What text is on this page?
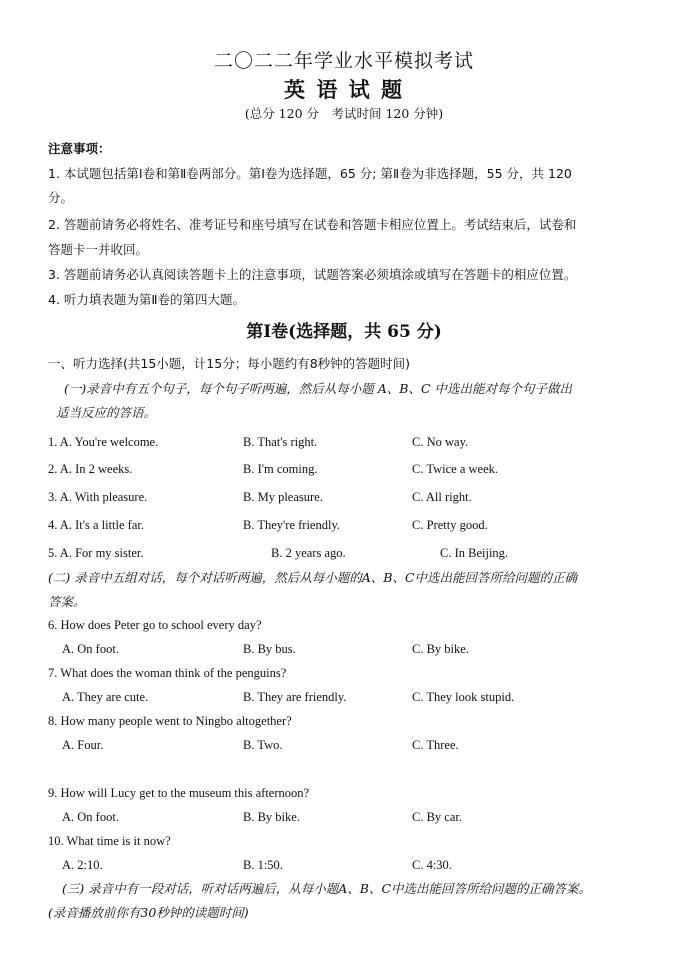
二〇二二年学业水平模拟考试
英 语 试 题
(总分 120 分　考试时间 120 分钟)
注意事项：
1. 本试题包括第Ⅰ卷和第Ⅱ卷两部分。第Ⅰ卷为选择题，65 分; 第Ⅱ卷为非选择题，55 分，共 120
分。
2. 答题前请务必将姓名、准考证号和座号填写在试卷和答题卡相应位置上。考试结束后，试卷和
答题卡一并收回。
3. 答题前请务必认真阅读答题卡上的注意事项，试题答案必须填涂或填写在答题卡的相应位置。
4. 听力填表题为第Ⅱ卷的第四大题。
第Ⅰ卷(选择题，共 65 分)
一、听力选择(共15小题，计15分；每小题约有8秒钟的答题时间)
(一)录音中有五个句子，每个句子听两遍，然后从每小题 A、B、C 中选出能对每个句子做出
适当反应的答语。
1. A. You're welcome.	B. That's right.	C. No way.
2. A. In 2 weeks.	B. I'm coming.	C. Twice a week.
3. A. With pleasure.	B. My pleasure.	C. All right.
4. A. It's a little far.	B. They're friendly.	C. Pretty good.
5. A. For my sister.	B. 2 years ago.	C. In Beijing.
(二) 录音中五组对话，每个对话听两遍，然后从每小题的A、B、C中选出能回答所给问题的正确
答案。
6. How does Peter go to school every day?
A. On foot.	B. By bus.	C. By bike.
7. What does the woman think of the penguins?
A. They are cute.	B. They are friendly.	C. They look stupid.
8. How many people went to Ningbo altogether?
A. Four.	B. Two.	C. Three.
9. How will Lucy get to the museum this afternoon?
A. On foot.	B. By bike.	C. By car.
10. What time is it now?
A. 2:10.	B. 1:50.	C. 4:30.
(三) 录音中有一段对话，听对话两遍后，从每小题A、B、C中选出能回答所给问题的正确答案。
(录音播放前你有30秒钟的读题时间)
